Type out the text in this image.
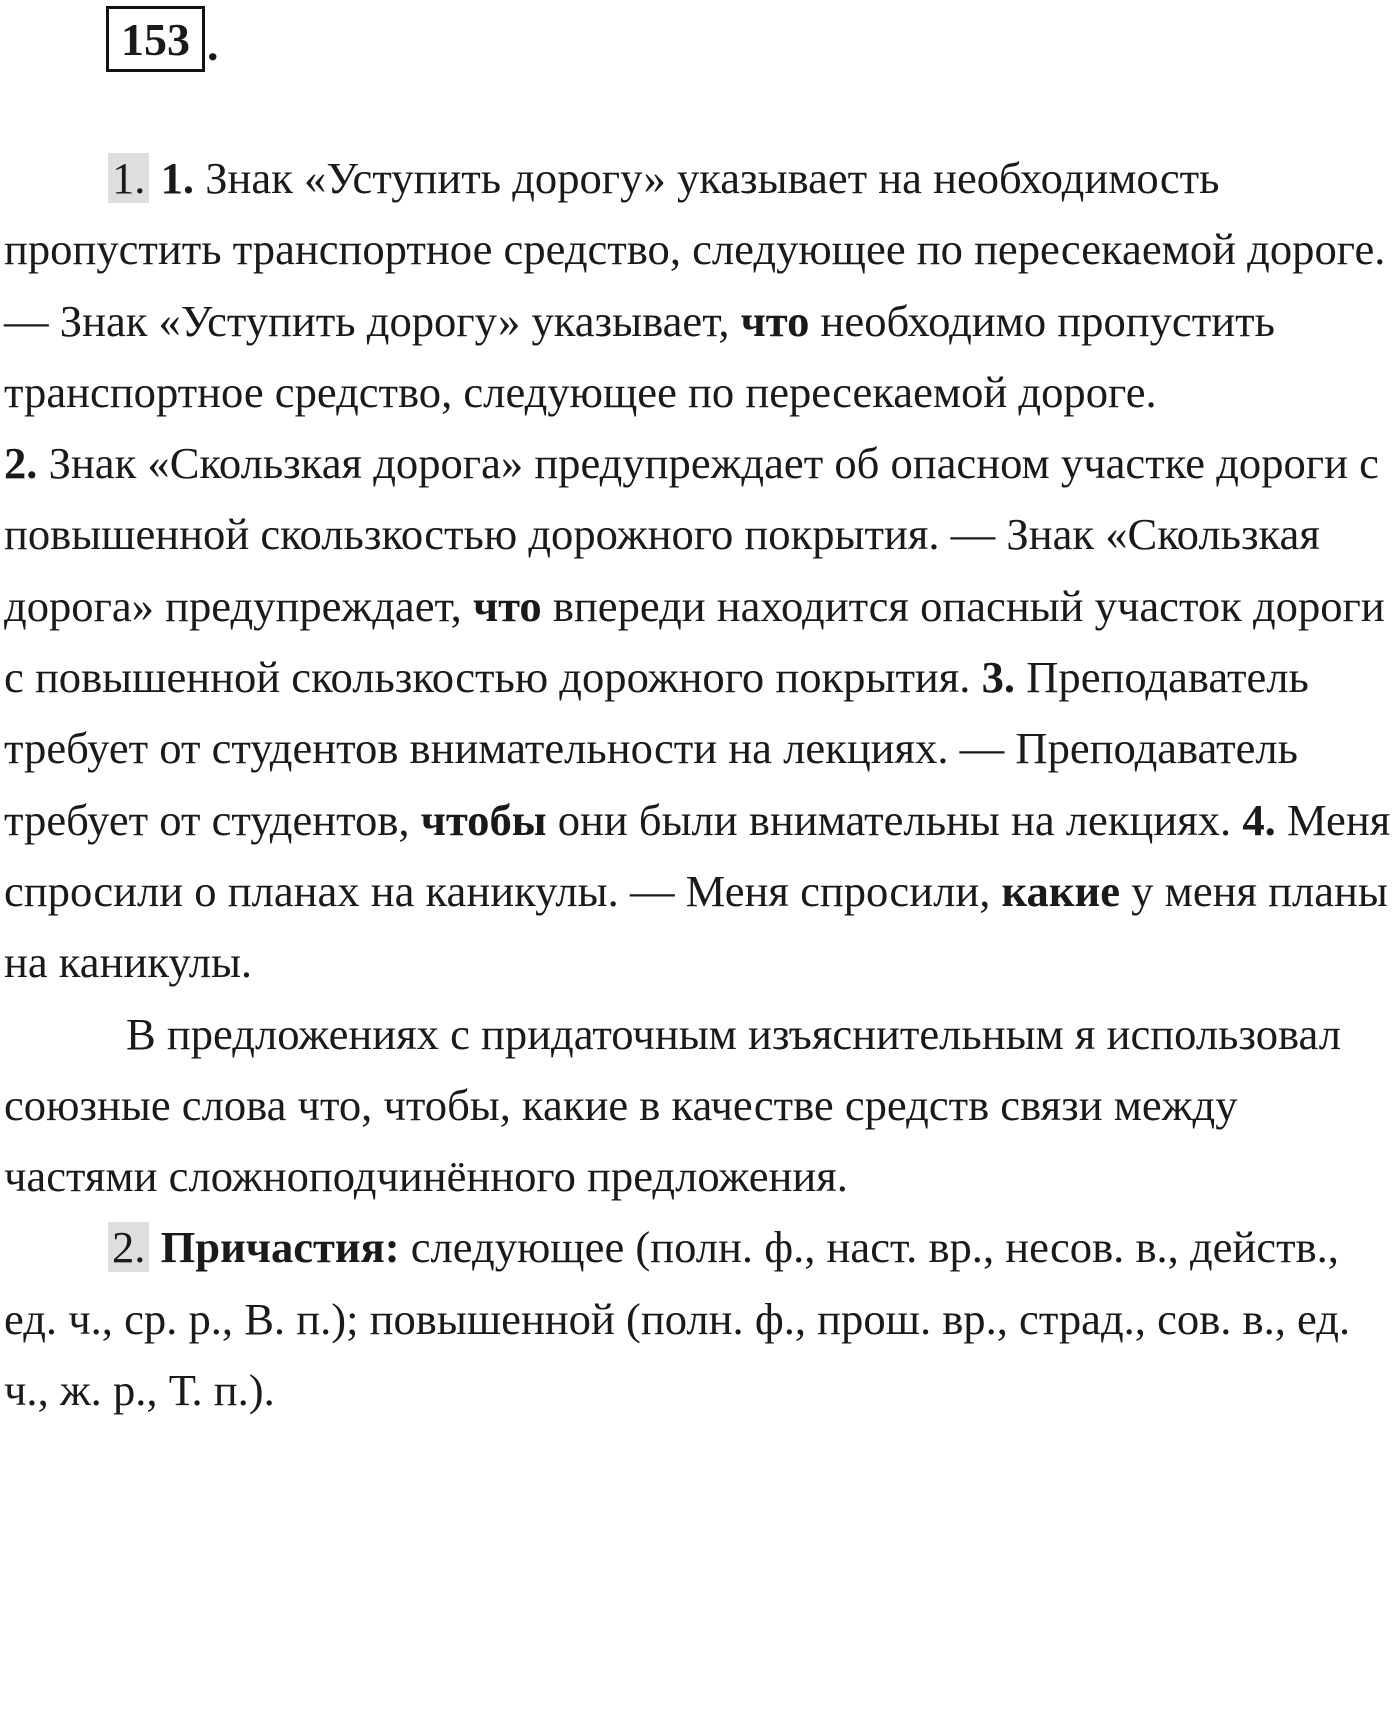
153 .

1. 1. Знак «Уступить дорогу» указывает на необходимость пропустить транспортное средство, следующее по пересекаемой дороге. — Знак «Уступить дорогу» указывает, что необходимо пропустить транспортное средство, следующее по пересекаемой дороге.
2. Знак «Скользкая дорога» предупреждает об опасном участке дороги с повышенной скользкостью дорожного покрытия. — Знак «Скользкая дорога» предупреждает, что впереди находится опасный участок дороги с повышенной скользкостью дорожного покрытия. 3. Преподаватель требует от студентов внимательности на лекциях. — Преподаватель требует от студентов, чтобы они были внимательны на лекциях. 4. Меня спросили о планах на каникулы. — Меня спросили, какие у меня планы на каникулы.

В предложениях с придаточным изъяснительным я использовал союзные слова что, чтобы, какие в качестве средств связи между частями сложноподчинённого предложения.

2. Причастия: следующее (полн. ф., наст. вр., несов. в., действ., ед. ч., ср. р., В. п.); повышенной (полн. ф., прош. вр., страд., сов. в., ед. ч., ж. р., Т. п.).
